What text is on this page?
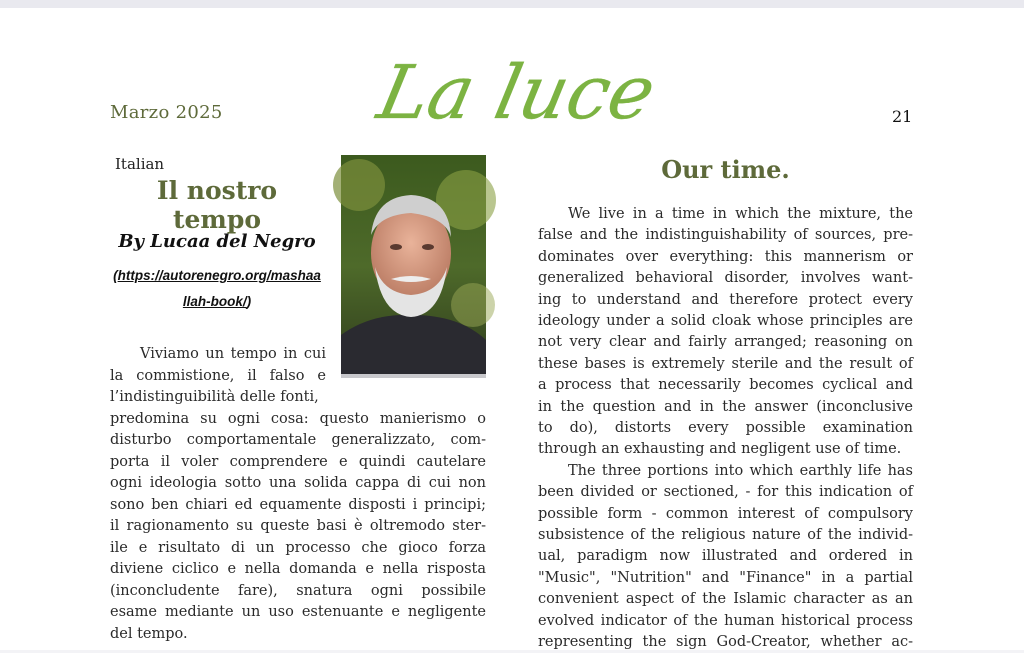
Marzo 2025 La luce	21
Italian
Il nostro tempo
By Lucaa del Negro
(https://autorenegro.org/mashaa
llah-book/)
Viviamo un tempo in cui
la commistione, il falso e
l’indistinguibilità delle fonti,
predomina su ogni cosa: questo manierismo o
disturbo comportamentale generalizzato, com-
porta il voler comprendere e quindi cautelare
ogni ideologia sotto una solida cappa di cui non
sono ben chiari ed equamente disposti i principi;
il ragionamento su queste basi è oltremodo ster-
ile e risultato di un processo che gioco forza
diviene ciclico e nella domanda e nella risposta
(inconcludente fare), snatura ogni possibile
esame mediante un uso estenuante e negligente
del tempo.
Our time.
We live in a time in which the mixture, the
false and the indistinguishability of sources, pre-
dominates over everything: this mannerism or
generalized behavioral disorder, involves want-
ing to understand and therefore protect every
ideology under a solid cloak whose principles are
not very clear and fairly arranged; reasoning on
these bases is extremely sterile and the result of
a process that necessarily becomes cyclical and
in the question and in the answer (inconclusive
to do), distorts every possible examination
through an exhausting and negligent use of time.
The three portions into which earthly life has
been divided or sectioned, - for this indication of
possible form - common interest of compulsory
subsistence of the religious nature of the individ-
ual, paradigm now illustrated and ordered in
"Music", "Nutrition" and "Finance" in a partial
convenient aspect of the Islamic character as an
evolved indicator of the human historical process
representing the sign God-Creator, whether ac-
